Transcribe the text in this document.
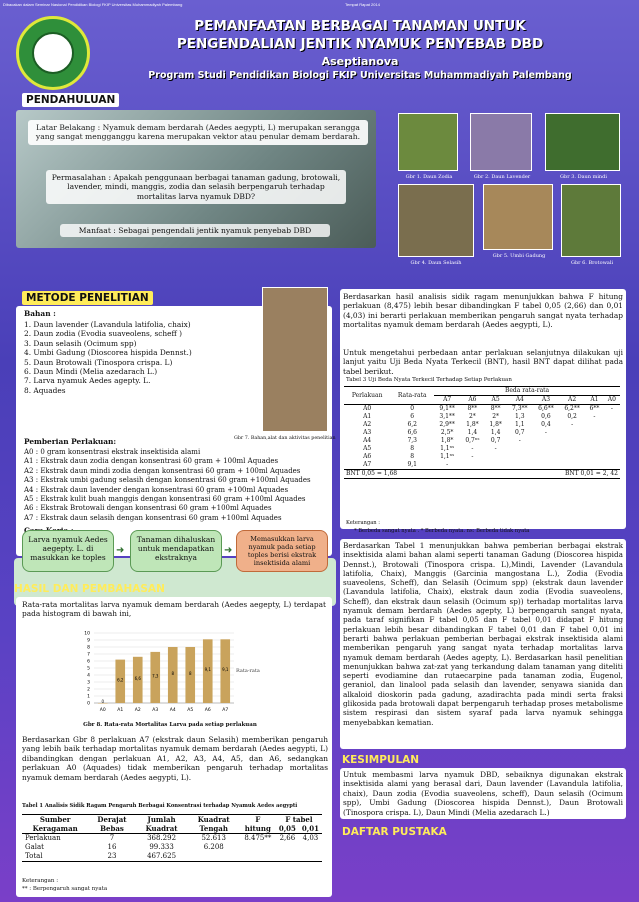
Dibacakan dalam Seminar Nasional Pendidikan Biologi FKIP Universitas Muhammadiyah Palembang	Tempat Rapat 2014
PEMANFAATAN BERBAGAI TANAMAN UNTUK
PENGENDALIAN JENTIK NYAMUK PENYEBAB DBD
Aseptianova
Program Studi Pendidikan Biologi FKIP Universitas Muhammadiyah Palembang
PENDAHULUAN
Latar Belakang : Nyamuk demam berdarah (Aedes aegypti, L) merupakan serangga yang sangat mengganggu karena merupakan vektor atau penular demam berdarah.
Permasalahan : Apakah penggunaan berbagai tanaman gadung, brotowali, lavender, mindi, manggis, zodia dan selasih berpengaruh terhadap mortalitas larva nyamuk DBD?
Manfaat : Sebagai pengendali jentik nyamuk penyebab DBD
Gbr 1. Daun Zodia	Gbr 2. Daun Lavender	Gbr 3. Daun mindi
Gbr 4. Daun Selasih
Gbr 5. Umbi Gadung
Gbr 6. Brotowali
METODE PENELITIAN
Gbr 7. Bahan,alat dan aktivitas penelitian
Bahan :
1. Daun lavender (Lavandula latifolia, chaix)
2. Daun zodia (Evodia suaveolens, scheff )
3. Daun selasih (Ocimum spp)
4. Umbi Gadung (Dioscorea hispida Dennst.)
5. Daun Brotowali (Tinospora crispa. L)
6. Daun Mindi (Melia azedarach L.)
7. Larva nyamuk Aedes agepty. L.
8. Aquades
Pemberian Perlakuan:
A0 : 0 gram konsentrasi ekstrak insektisida alami
A1 : Ekstrak daun zodia dengan konsentrasi 60 gram + 100ml Aquades
A2 : Ekstrak daun mindi zodia dengan konsentrasi 60 gram + 100ml Aquades
A3 : Ekstrak umbi gadung selasih dengan konsentrasi 60 gram +100ml Aquades
A4 : Ekstrak daun lavender dengan konsentrasi 60 gram +100ml Aquades
A5 : Ekstrak kulit buah manggis dengan konsentrasi 60 gram +100ml Aquades
A6 : Ekstrak Brotowali dengan konsentrasi 60 gram +100ml Aquades
A7 : Ekstrak daun selasih dengan konsentrasi 60 gram +100ml Aquades
Larva nyamuk Aedes aegepty. L. di masukkan ke toples
➜
Tanaman dihaluskan untuk mendapatkan ekstraknya
➜
Memasukkan larva nyamuk pada setiap toples berisi ekstrak insektisida alami
HASIL DAN PEMBAHASAN
Rata-rata mortalitas larva nyamuk demam berdarah (Aedes aegepty, L) terdapat pada histogram di bawah ini,
0
1
2
3
4
5
6
7
8
9
10
0
A0
6,2
A1
6,6
A2
7,3
A3
8
A4
8
A5
9,1
A6
9,1
A7
Rata-rata
Gbr 8. Rata-rata Mortalitas Larva pada setiap perlakuan
Berdasarkan Gbr 8 perlakuan A7 (ekstrak daun Selasih) memberikan pengaruh yang lebih baik terhadap mortalitas nyamuk demam berdarah (Aedes aegypti, L) dibandingkan dengan perlakuan A1, A2, A3, A4, A5, dan A6, sedangkan perlakuan A0 (Aquades) tidak memberikan pengaruh terhadap mortalitas nyamuk demam berdarah (Aedes aegypti, L).
Tabel 1 Analisis Sidik Ragam Pengaruh Berbagai Konsentrasi terhadap Nyamuk Aedes aegypti
Sumber Keragaman	Derajat Bebas	Jumlah Kuadrat	Kuadrat Tengah	F hitung	F tabel	
					0,05	0,01
Perlakuan	7	368.292	52.613	8.475**	2,66	4,03
Galat	16	99.333	6.208			
Total	23	467.625				
Keterangan :
** : Berpengaruh sangat nyata
Berdasarkan hasil analisis sidik ragam menunjukkan bahwa F hitung perlakuan (8,475) lebih besar dibandingkan F tabel 0,05 (2,66) dan 0,01 (4,03) ini berarti perlakuan memberikan pengaruh sangat nyata terhadap mortalitas nyamuk demam berdarah (Aedes aegypti, L).
Untuk mengetahui perbedaan antar perlakuan selanjutnya dilakukan uji lanjut yaitu Uji Beda Nyata Terkecil (BNT), hasil BNT dapat dilihat pada tabel berikut.
Tabel 3 Uji Beda Nyata Terkecil Terhadap Setiap Perlakuan
Perlakuan	Rata-rata	Beda rata-rata							
		A7	A6	A5	A4	A3	A2	A1	A0
A0	0	9,1**	8**	8**	7,3**	6,6**	6,2**	6**	-
A1	6	3,1**	2*	2*	1,3	0,6	0,2	-	
A2	6,2	2,9**	1,8*	1,8*	1,1	0,4	-		
A3	6,6	2,5*	1,4	1,4	0,7	-			
A4	7,3	1,8*	0,7ⁿˢ	0,7	-				
A5	8	1,1ⁿˢ	-	-					
A6	8	1,1ⁿˢ	-						
A7	9,1	-							
BNT 0,05 = 1,68					BNT 0,01 = 2, 42				
Keterangan :
* Berbeda sangat nyata . * Berbeda nyata. ns: Berbeda tidak nyata
Berdasarkan Tabel 1 menunjukkan bahwa pemberian berbagai ekstrak insektisida alami bahan alami seperti tanaman Gadung (Dioscorea hispida Dennst.), Brotowali (Tinospora crispa. L),Mindi, Lavender (Lavandula latifolia, Chaix), Manggis (Garcinia mangostana L.), Zodia (Evodia suaveolens, Scheff), dan Selasih (Ocimum spp) (ekstrak daun lavender (Lavandula latifolia, Chaix), ekstrak daun zodia (Evodia suaveolens, Scheff), dan ekstrak daun selasih (Ocimum sp)) terhadap mortalitas larva nyamuk demam berdarah (Aedes agepty, L) berpengaruh sangat nyata, pada taraf signifikan F tabel 0,05 dan F tabel 0,01 didapat F hitung perlakuan lebih besar dibandingkan F tabel 0,01 dan F tabel 0,01 ini berarti bahwa perlakuan pemberian berbagai ekstrak insektisida alami memberikan pengaruh yang sangat nyata terhadap mortalitas larva nyamuk demam berdarah (Aedes agepty, L). Berdasarkan hasil penelitian menunjukkan bahwa zat-zat yang terkandung dalam tanaman yang diteliti seperti evodiamine dan rutaecarpine pada tanaman zodia, Eugenol, geraniol, dan linalool pada selasih dan lavender, senyawa sianida dan alkaloid dioskorin pada gadung, azadirachta pada mindi serta fraksi glikosida pada brotowali dapat berpengaruh terhadap proses metabolisme sistem respirasi dan sistem syaraf pada larva nyamuk sehingga menyebabkan kematian.
KESIMPULAN
Untuk membasmi larva nyamuk DBD, sebaiknya digunakan ekstrak insektisida alami yang berasal dari, Daun lavender (Lavandula latifolia, chaix), Daun zodia (Evodia suaveolens, scheff), Daun selasih (Ocimum spp), Umbi Gadung (Dioscorea hispida Dennst.), Daun Brotowali (Tinospora crispa. L), Daun Mindi (Melia azedarach L.)
DAFTAR PUSTAKA
